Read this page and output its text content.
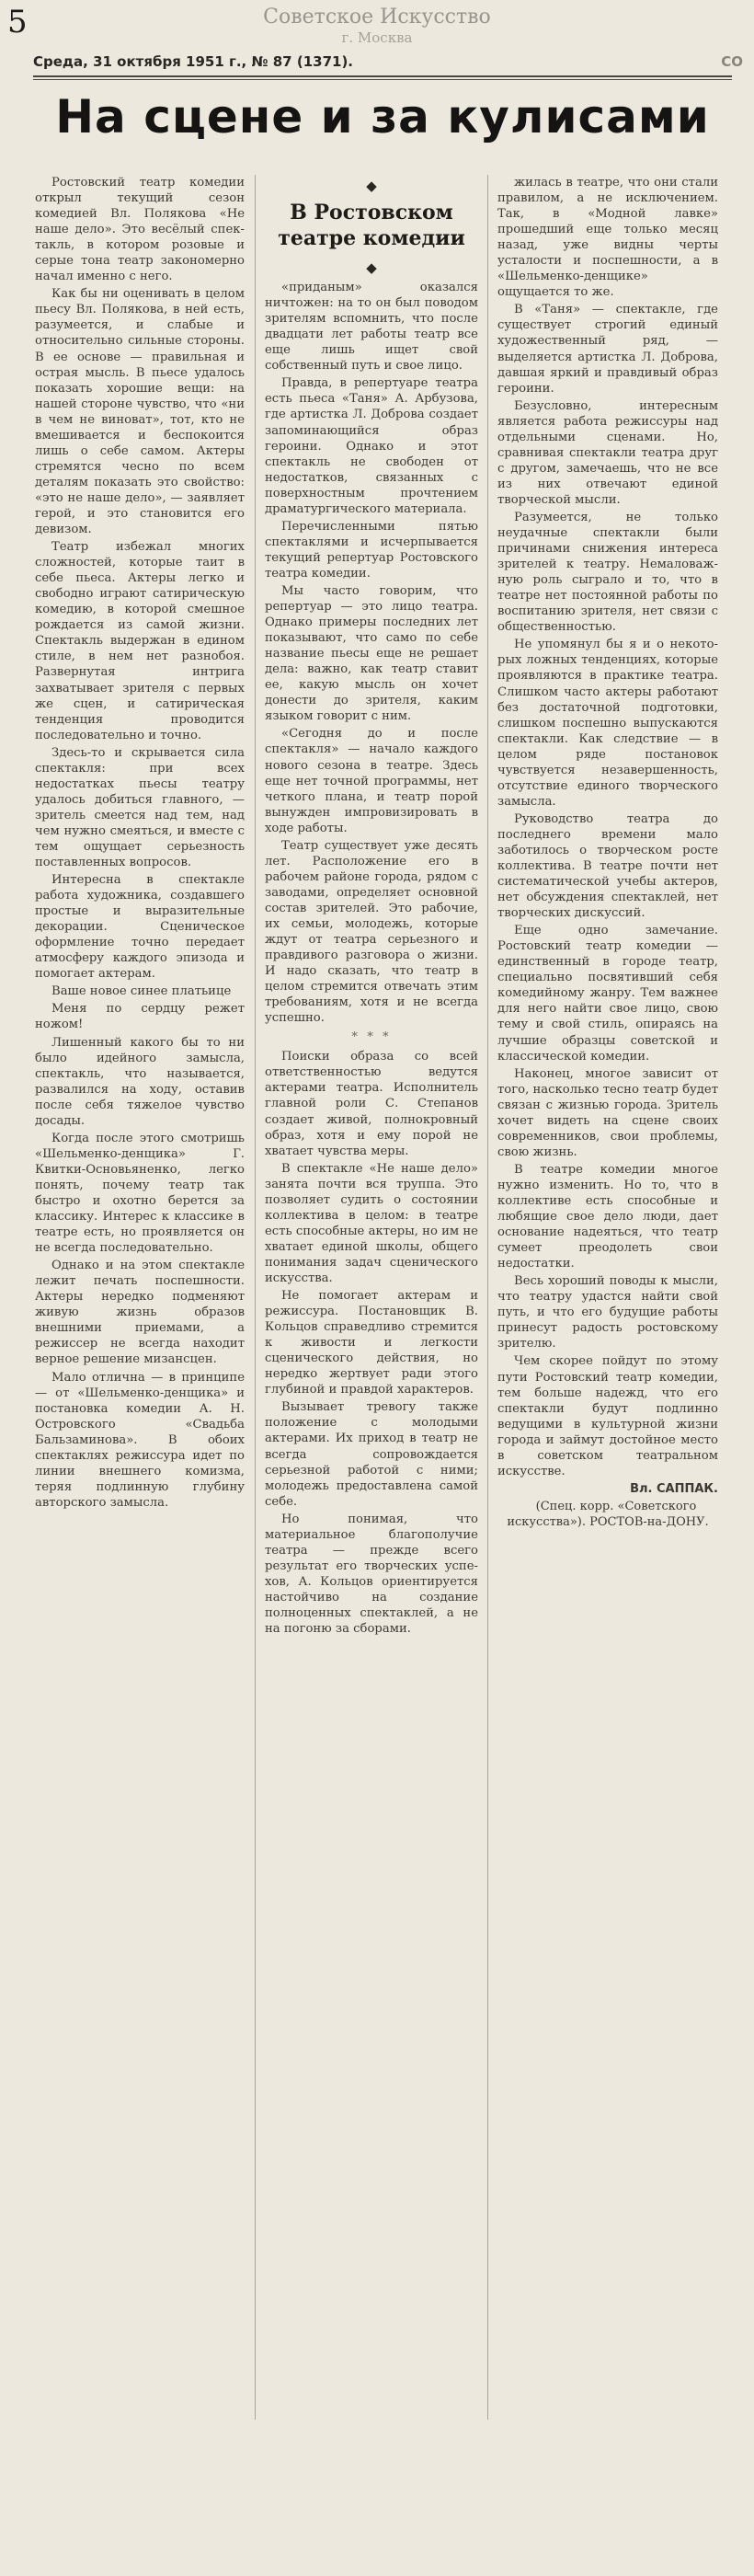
5	Советское Искусство
г. Москва
Среда, 31 октября 1951 г., № 87 (1371).	СО
На сцене и за кулисами

Ростовский театр комедии открыл текущий сезон комедией Вл. Полякова «Не наше дело». Это весёлый спектакль, в котором розовые и серые тона театр закономерно начал именно с него.

Как бы ни оценивать в целом пьесу Вл. Полякова, в ней есть, разумеется, и слабые и относительно сильные стороны. В ее основе — правильная и острая мысль. В пьесе удалось показать хорошие вещи: на нашей стороне чувство, что «ни в чем не виноват», тот, кто не вмешивается и беспокоится лишь о себе самом. Актеры стремятся чесно по всем деталям показать это свойство: «это не наше дело», — заявляет герой, и это становится его девизом.

Театр избежал многих сложностей, которые таит в себе пьеса. Актеры легко и свободно играют сатирическую комедию, в которой смешное рождается из самой жизни. Спектакль выдержан в едином стиле, в нем нет разнобоя. Развернутая интрига захватывает зрителя с первых же сцен, и сатирическая тенденция проводится последовательно и точно.

Здесь-то и скрывается сила спектакля: при всех недостатках пьесы театру удалось добиться главного, — зритель смеется над тем, над чем нужно смеяться, и вместе с тем ощущает серьезность поставленных вопросов.

Интересна в спектакле работа художника, создавшего простые и выразительные декорации. Сценическое оформление точно передает атмосферу каждого эпизода и помогает актерам.

Ваше новое синее платьице

Меня по сердцу режет ножом!

Лишенный какого бы то ни было идейного замысла, спектакль, что называется, развалился на ходу, оставив после себя тяжелое чувство досады.

Когда после этого смотришь «Шельменко-денщика» Г. Квитки-Основьяненко, легко понять, почему театр так быстро и охотно берется за классику. Интерес к классике в театре есть, но проявляется он не всегда последовательно.

Однако и на этом спектакле лежит печать поспешности. Актеры нередко подменяют живую жизнь образов внешними приемами, а режиссер не всегда находит верное решение мизансцен.

Мало отлична — в принципе — от «Шельменко-денщика» и постановка комедии А. Н. Островского «Свадьба Бальзаминова». В обоих спектаклях режиссура идет по линии внешнего комизма, теряя подлинную глубину авторского замысла.

◆
В Ростовском театре комедии
◆

«приданым» оказался ничтожен: на то он был поводом зрителям вспомнить, что после двадцати лет работы театр все еще лишь ищет свой собственный путь и свое лицо.

Правда, в репертуаре театра есть пьеса «Таня» А. Арбузова, где артистка Л. Доброва создает запоминающийся образ героини. Однако и этот спектакль не свободен от недостатков, связанных с поверхностным прочтением драматургического материала.

Перечисленными пятью спектаклями и исчерпывается текущий репертуар Ростовского театра комедии.

Мы часто говорим, что репертуар — это лицо театра. Однако примеры последних лет показывают, что само по себе название пьесы еще не решает дела: важно, как театр ставит ее, какую мысль он хочет донести до зрителя, каким языком говорит с ним.

«Сегодня до и после спектакля» — начало каждого нового сезона в театре. Здесь еще нет точной программы, нет четкого плана, и театр порой вынужден импровизировать в ходе работы.

Театр существует уже десять лет. Расположение его в рабочем районе города, рядом с заводами, определяет основной состав зрителей. Это рабочие, их семьи, молодежь, которые ждут от театра серьезного и правдивого разговора о жизни. И надо сказать, что театр в целом стремится отвечать этим требованиям, хотя и не всегда успешно.

* * *

Поиски образа со всей ответственностью ведутся актерами театра. Исполнитель главной роли С. Степанов создает живой, полнокровный образ, хотя и ему порой не хватает чувства меры.

В спектакле «Не наше дело» занята почти вся труппа. Это позволяет судить о состоянии коллектива в целом: в театре есть способные актеры, но им не хватает единой школы, общего понимания задач сценического искусства.

Не помогает актерам и режиссура. Постановщик В. Кольцов справедливо стремится к живости и легкости сценического действия, но нередко жертвует ради этого глубиной и правдой характеров.

Вызывает тревогу также положение с молодыми актерами. Их приход в театр не всегда сопровождается серьезной работой с ними; молодежь предоставлена самой себе.

Но понимая, что материальное благополучие театра — прежде всего результат его творческих успехов, А. Кольцов ориентируется настойчиво на создание полноценных спектаклей, а не на погоню за сборами.

жилась в театре, что они стали правилом, а не исключением. Так, в «Модной лавке» прошедший еще только месяц назад, уже видны черты усталости и поспешности, а в «Шельменко-денщике» ощущается то же.

В «Таня» — спектакле, где существует строгий единый художественный ряд, — выделяется артистка Л. Доброва, давшая яркий и правдивый образ героини.

Безусловно, интересным является работа режиссуры над отдельными сценами. Но, сравнивая спектакли театра друг с другом, замечаешь, что не все из них отвечают единой творческой мысли.

Разумеется, не только неудачные спектакли были причинами снижения интереса зрителей к театру. Немаловажную роль сыграло и то, что в театре нет постоянной работы по воспитанию зрителя, нет связи с общественностью.

Не упомянул бы я и о некоторых ложных тенденциях, которые проявляются в практике театра. Слишком часто актеры работают без достаточной подготовки, слишком поспешно выпускаются спектакли. Как следствие — в целом ряде постановок чувствуется незавершенность, отсутствие единого творческого замысла.

Руководство театра до последнего времени мало заботилось о творческом росте коллектива. В театре почти нет систематической учебы актеров, нет обсуждения спектаклей, нет творческих дискуссий.

Еще одно замечание. Ростовский театр комедии — единственный в городе театр, специально посвятивший себя комедийному жанру. Тем важнее для него найти свое лицо, свою тему и свой стиль, опираясь на лучшие образцы советской и классической комедии.

Наконец, многое зависит от того, насколько тесно театр будет связан с жизнью города. Зритель хочет видеть на сцене своих современников, свои проблемы, свою жизнь.

В театре комедии многое нужно изменить. Но то, что в коллективе есть способные и любящие свое дело люди, дает основание надеяться, что театр сумеет преодолеть свои недостатки.

Весь хороший поводы к мысли, что театру удастся найти свой путь, и что его будущие работы принесут радость ростовскому зрителю.

Чем скорее пойдут по этому пути Ростовский театр комедии, тем больше надежд, что его спектакли будут подлинно ведущими в культурной жизни города и займут достойное место в советском театральном искусстве.

Вл. САППАК.

(Спец. корр. «Советского искусства»). РОСТОВ-на-ДОНУ.
